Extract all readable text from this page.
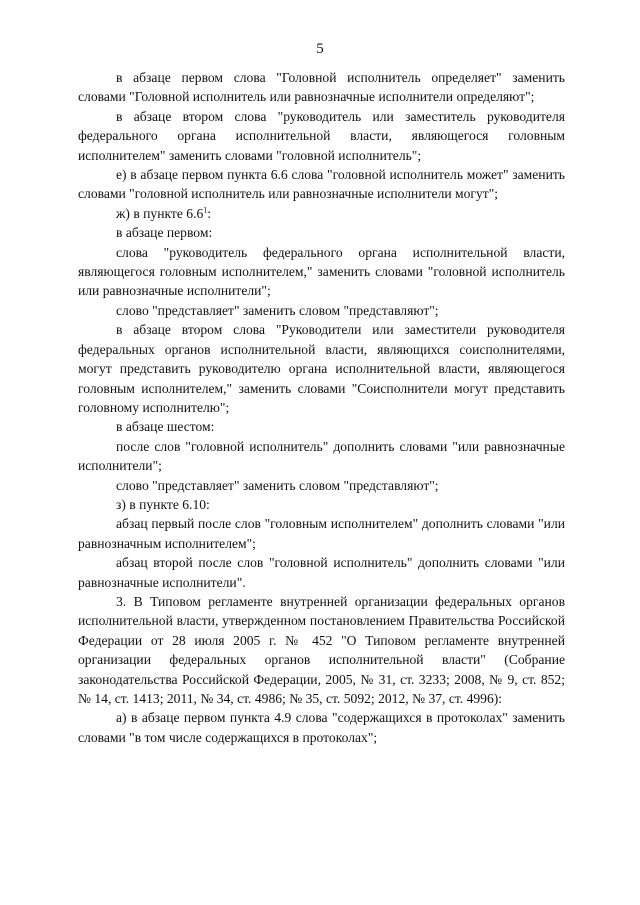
5

в абзаце первом слова "Головной исполнитель определяет" заменить словами "Головной исполнитель или равнозначные исполнители определяют";

в абзаце втором слова "руководитель или заместитель руководителя федерального органа исполнительной власти, являющегося головным исполнителем" заменить словами "головной исполнитель";

е) в абзаце первом пункта 6.6 слова "головной исполнитель может" заменить словами "головной исполнитель или равнозначные исполнители могут";

ж) в пункте $6.6^1$:

в абзаце первом:

слова "руководитель федерального органа исполнительной власти, являющегося головным исполнителем," заменить словами "головной исполнитель или равнозначные исполнители";

слово "представляет" заменить словом "представляют";

в абзаце втором слова "Руководители или заместители руководителя федеральных органов исполнительной власти, являющихся соисполнителями, могут представить руководителю органа исполнительной власти, являющегося головным исполнителем," заменить словами "Соисполнители могут представить головному исполнителю";

в абзаце шестом:

после слов "головной исполнитель" дополнить словами "или равнозначные исполнители";

слово "представляет" заменить словом "представляют";

з) в пункте 6.10:

абзац первый после слов "головным исполнителем" дополнить словами "или равнозначным исполнителем";

абзац второй после слов "головной исполнитель" дополнить словами "или равнозначные исполнители".

3. В Типовом регламенте внутренней организации федеральных органов исполнительной власти, утвержденном постановлением Правительства Российской Федерации от 28 июля 2005 г. № 452 "О Типовом регламенте внутренней организации федеральных органов исполнительной власти" (Собрание законодательства Российской Федерации, 2005, № 31, ст. 3233; 2008, № 9, ст. 852; № 14, ст. 1413; 2011, № 34, ст. 4986; № 35, ст. 5092; 2012, № 37, ст. 4996):

а) в абзаце первом пункта 4.9 слова "содержащихся в протоколах" заменить словами "в том числе содержащихся в протоколах";
